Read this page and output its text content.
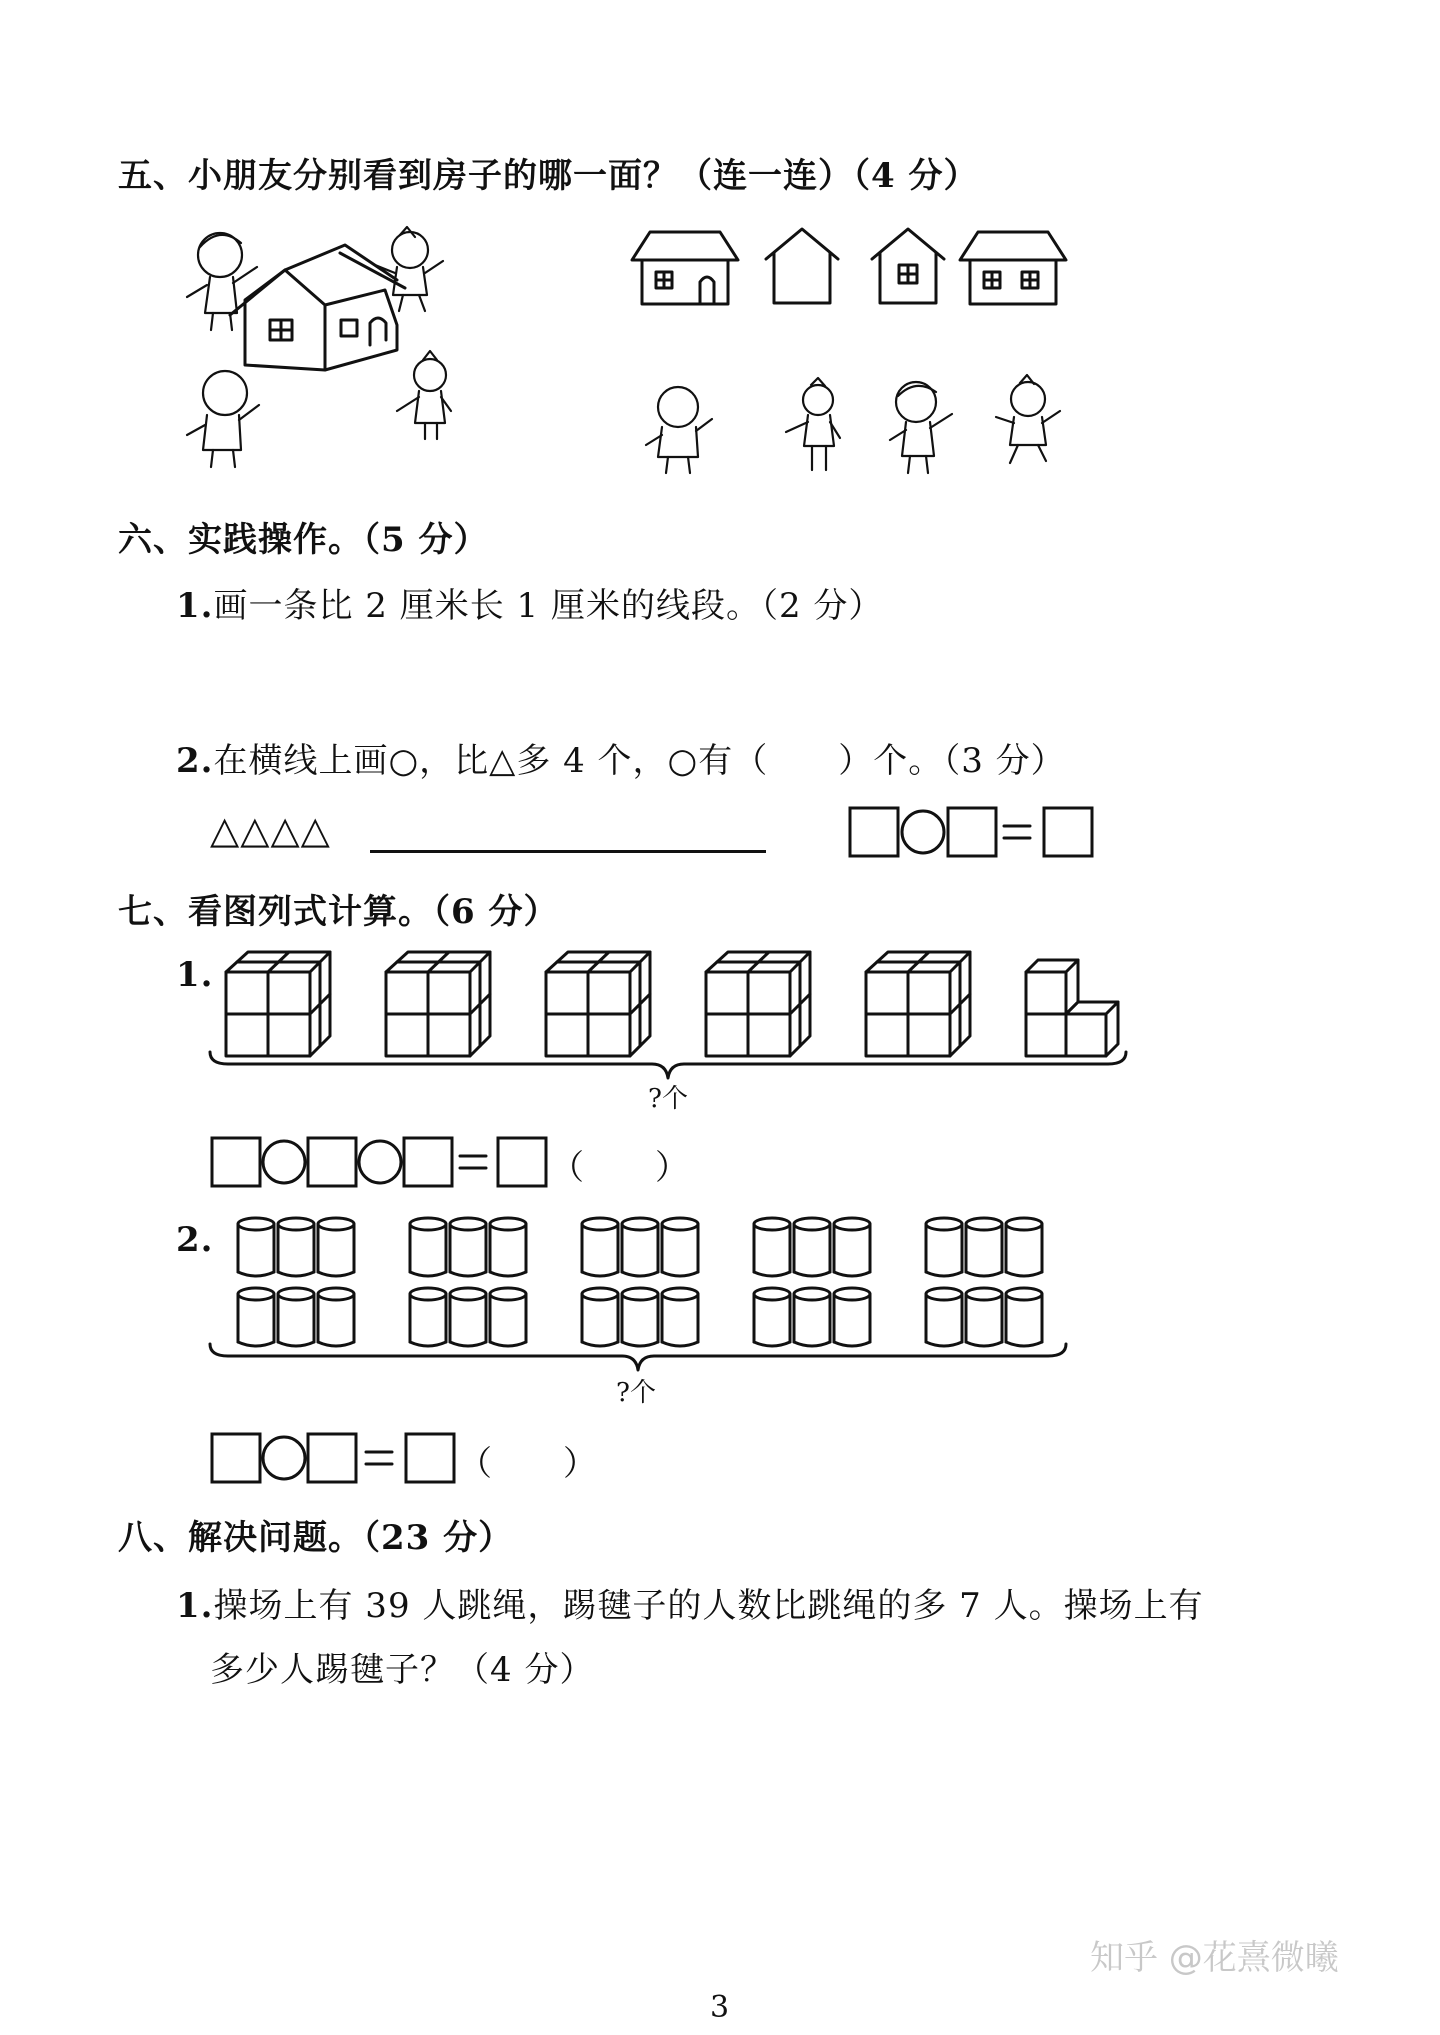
五、小朋友分别看到房子的哪一面？（连一连）（4 分）
六、实践操作。（5 分）
1.画一条比 2 厘米长 1 厘米的线段。（2 分）
2.在横线上画○，比△多 4 个，○有（　　）个。（3 分）
△△△△
七、看图列式计算。（6 分）
1.
?个
（　　）
2.
?个
（　　）
八、解决问题。（23 分）
1.操场上有 39 人跳绳，踢毽子的人数比跳绳的多 7 人。操场上有
多少人踢毽子？（4 分）
知乎 @花熹微曦
3
